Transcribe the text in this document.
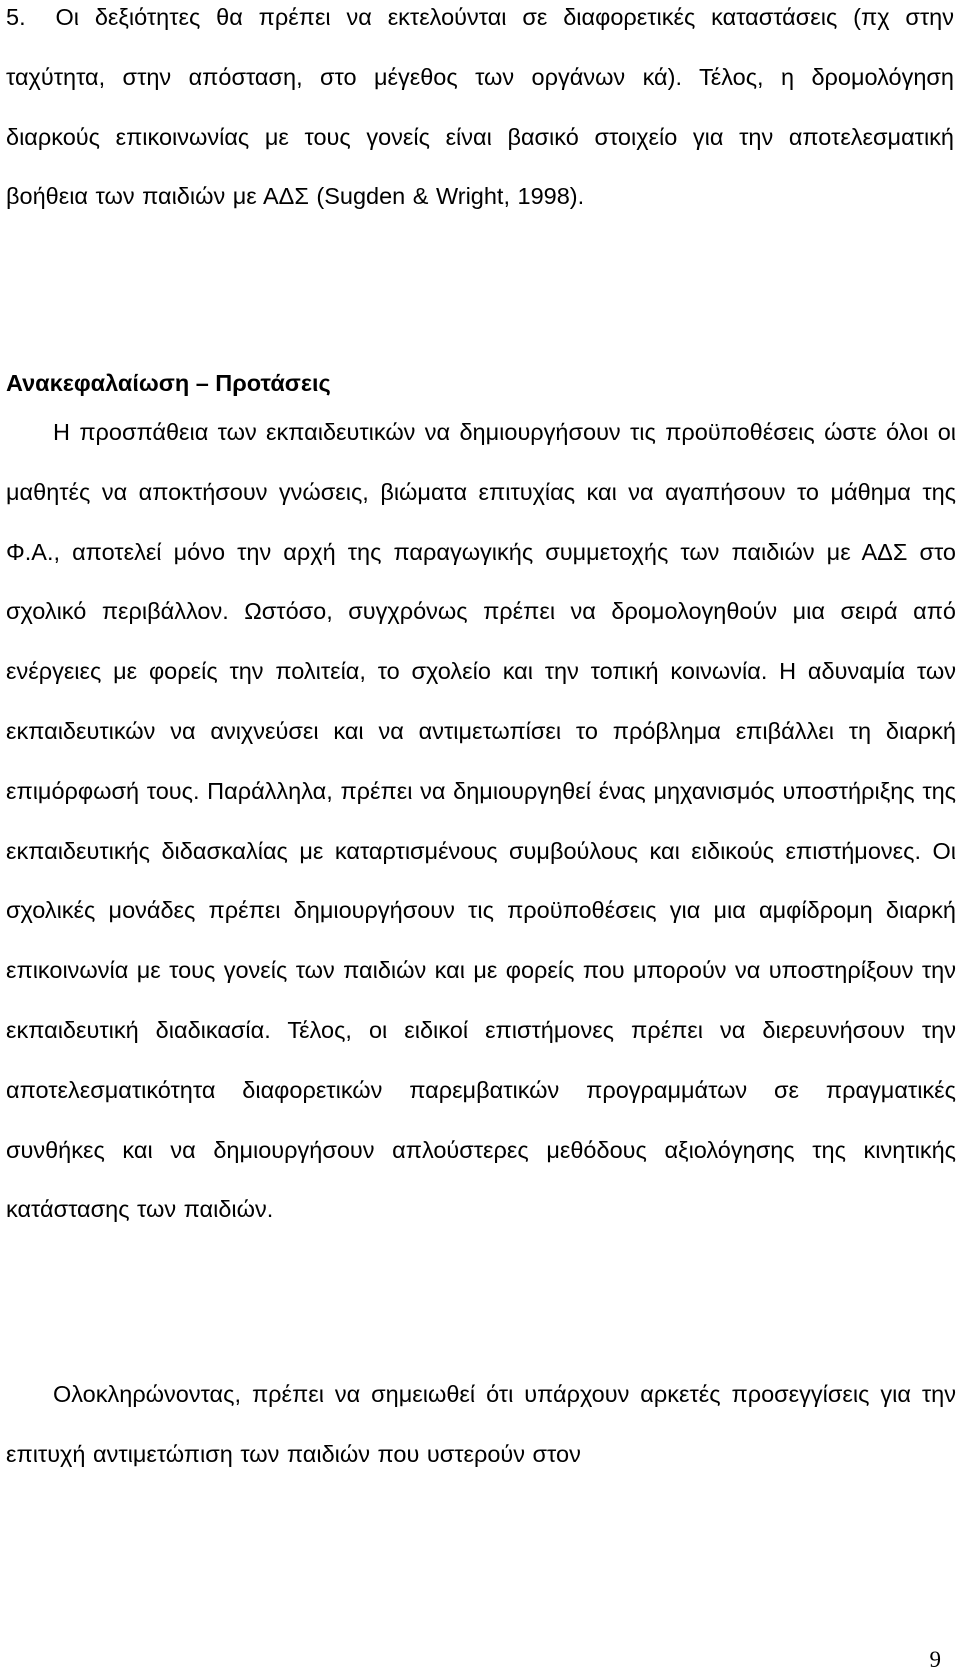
5. Οι δεξιότητες θα πρέπει να εκτελούνται σε διαφορετικές καταστάσεις (πχ στην ταχύτητα, στην απόσταση, στο μέγεθος των οργάνων κά). Τέλος, η δρομολόγηση διαρκούς επικοινωνίας με τους γονείς είναι βασικό στοιχείο για την αποτελεσματική βοήθεια των παιδιών με ΑΔΣ (Sugden & Wright, 1998).

Ανακεφαλαίωση – Προτάσεις

Η προσπάθεια των εκπαιδευτικών να δημιουργήσουν τις προϋποθέσεις ώστε όλοι οι μαθητές να αποκτήσουν γνώσεις, βιώματα επιτυχίας και να αγαπήσουν το μάθημα της Φ.Α., αποτελεί μόνο την αρχή της παραγωγικής συμμετοχής των παιδιών με ΑΔΣ στο σχολικό περιβάλλον. Ωστόσο, συγχρόνως πρέπει να δρομολογηθούν μια σειρά από ενέργειες με φορείς την πολιτεία, το σχολείο και την τοπική κοινωνία. Η αδυναμία των εκπαιδευτικών να ανιχνεύσει και να αντιμετωπίσει το πρόβλημα επιβάλλει τη διαρκή επιμόρφωσή τους. Παράλληλα, πρέπει να δημιουργηθεί ένας μηχανισμός υποστήριξης της εκπαιδευτικής διδασκαλίας με καταρτισμένους συμβούλους και ειδικούς επιστήμονες. Οι σχολικές μονάδες πρέπει δημιουργήσουν τις προϋποθέσεις για μια αμφίδρομη διαρκή επικοινωνία με τους γονείς των παιδιών και με φορείς που μπορούν να υποστηρίξουν την εκπαιδευτική διαδικασία. Τέλος, οι ειδικοί επιστήμονες πρέπει να διερευνήσουν την αποτελεσματικότητα διαφορετικών παρεμβατικών προγραμμάτων σε πραγματικές συνθήκες και να δημιουργήσουν απλούστερες μεθόδους αξιολόγησης της κινητικής κατάστασης των παιδιών.

Ολοκληρώνοντας, πρέπει να σημειωθεί ότι υπάρχουν αρκετές προσεγγίσεις για την επιτυχή αντιμετώπιση των παιδιών που υστερούν στον

9
